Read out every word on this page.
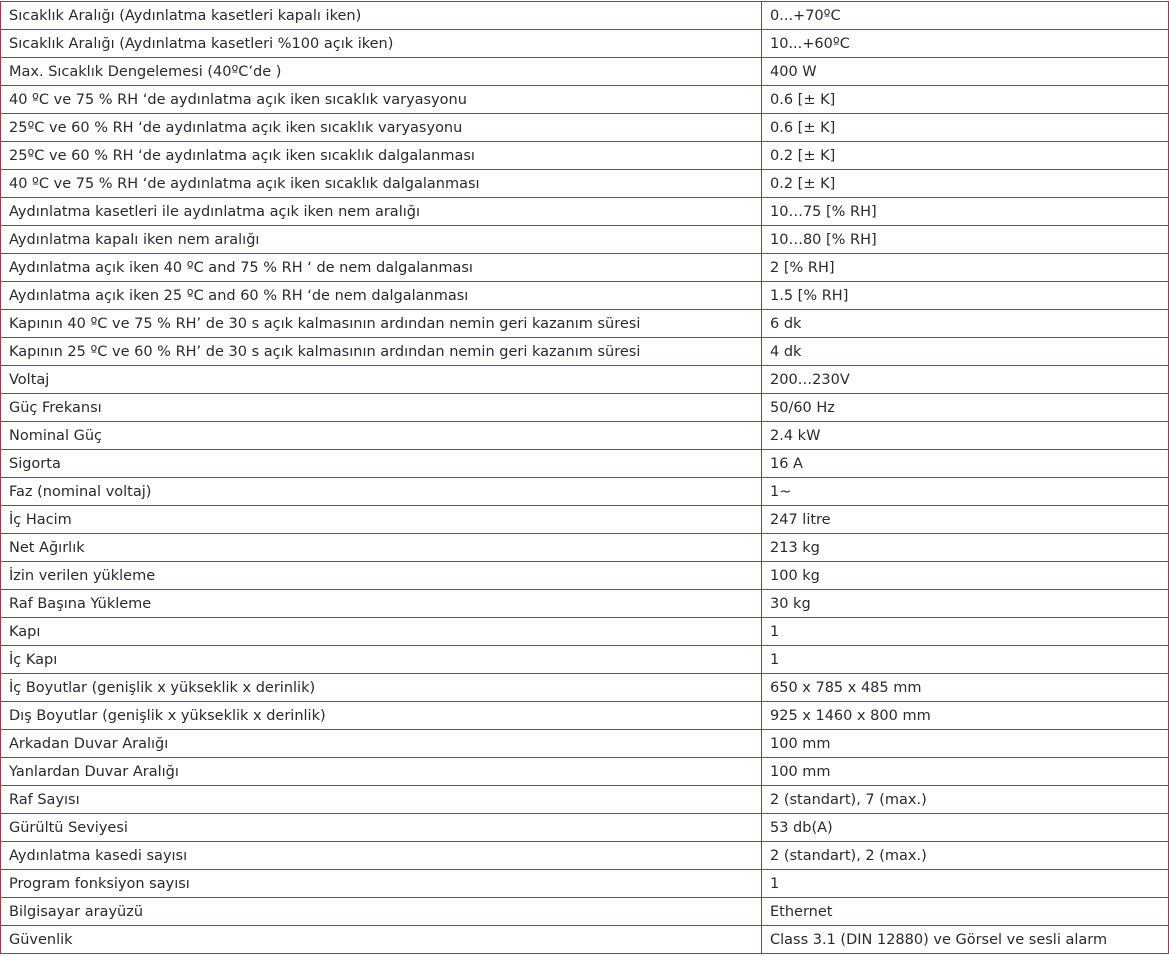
Sıcaklık Aralığı (Aydınlatma kasetleri kapalı iken)	0...+70ºC
Sıcaklık Aralığı (Aydınlatma kasetleri %100 açık iken)	10...+60ºC
Max. Sıcaklık Dengelemesi (40ºC’de )	400 W
40 ºC ve 75 % RH ‘de aydınlatma açık iken sıcaklık varyasyonu	0.6 [± K]
25ºC ve 60 % RH ‘de aydınlatma açık iken sıcaklık varyasyonu	0.6 [± K]
25ºC ve 60 % RH ‘de aydınlatma açık iken sıcaklık dalgalanması	0.2 [± K]
40 ºC ve 75 % RH ‘de aydınlatma açık iken sıcaklık dalgalanması	0.2 [± K]
Aydınlatma kasetleri ile aydınlatma açık iken nem aralığı	10…75 [% RH]
Aydınlatma kapalı iken nem aralığı	10…80 [% RH]
Aydınlatma açık iken 40 ºC and 75 % RH ‘ de nem dalgalanması	2 [% RH]
Aydınlatma açık iken 25 ºC and 60 % RH ‘de nem dalgalanması	1.5 [% RH]
Kapının 40 ºC ve 75 % RH’ de 30 s açık kalmasının ardından nemin geri kazanım süresi	6 dk
Kapının 25 ºC ve 60 % RH’ de 30 s açık kalmasının ardından nemin geri kazanım süresi	4 dk
Voltaj	200…230V
Güç Frekansı	50/60 Hz
Nominal Güç	2.4 kW
Sigorta	16 A
Faz (nominal voltaj)	1~
İç Hacim	247 litre
Net Ağırlık	213 kg
İzin verilen yükleme	100 kg
Raf Başına Yükleme	30 kg
Kapı	1
İç Kapı	1
İç Boyutlar (genişlik x yükseklik x derinlik)	650 x 785 x 485 mm
Dış Boyutlar (genişlik x yükseklik x derinlik)	925 x 1460 x 800 mm
Arkadan Duvar Aralığı	100 mm
Yanlardan Duvar Aralığı	100 mm
Raf Sayısı	2 (standart), 7 (max.)
Gürültü Seviyesi	53 db(A)
Aydınlatma kasedi sayısı	2 (standart), 2 (max.)
Program fonksiyon sayısı	1
Bilgisayar arayüzü	Ethernet
Güvenlik	Class 3.1 (DIN 12880) ve Görsel ve sesli alarm
